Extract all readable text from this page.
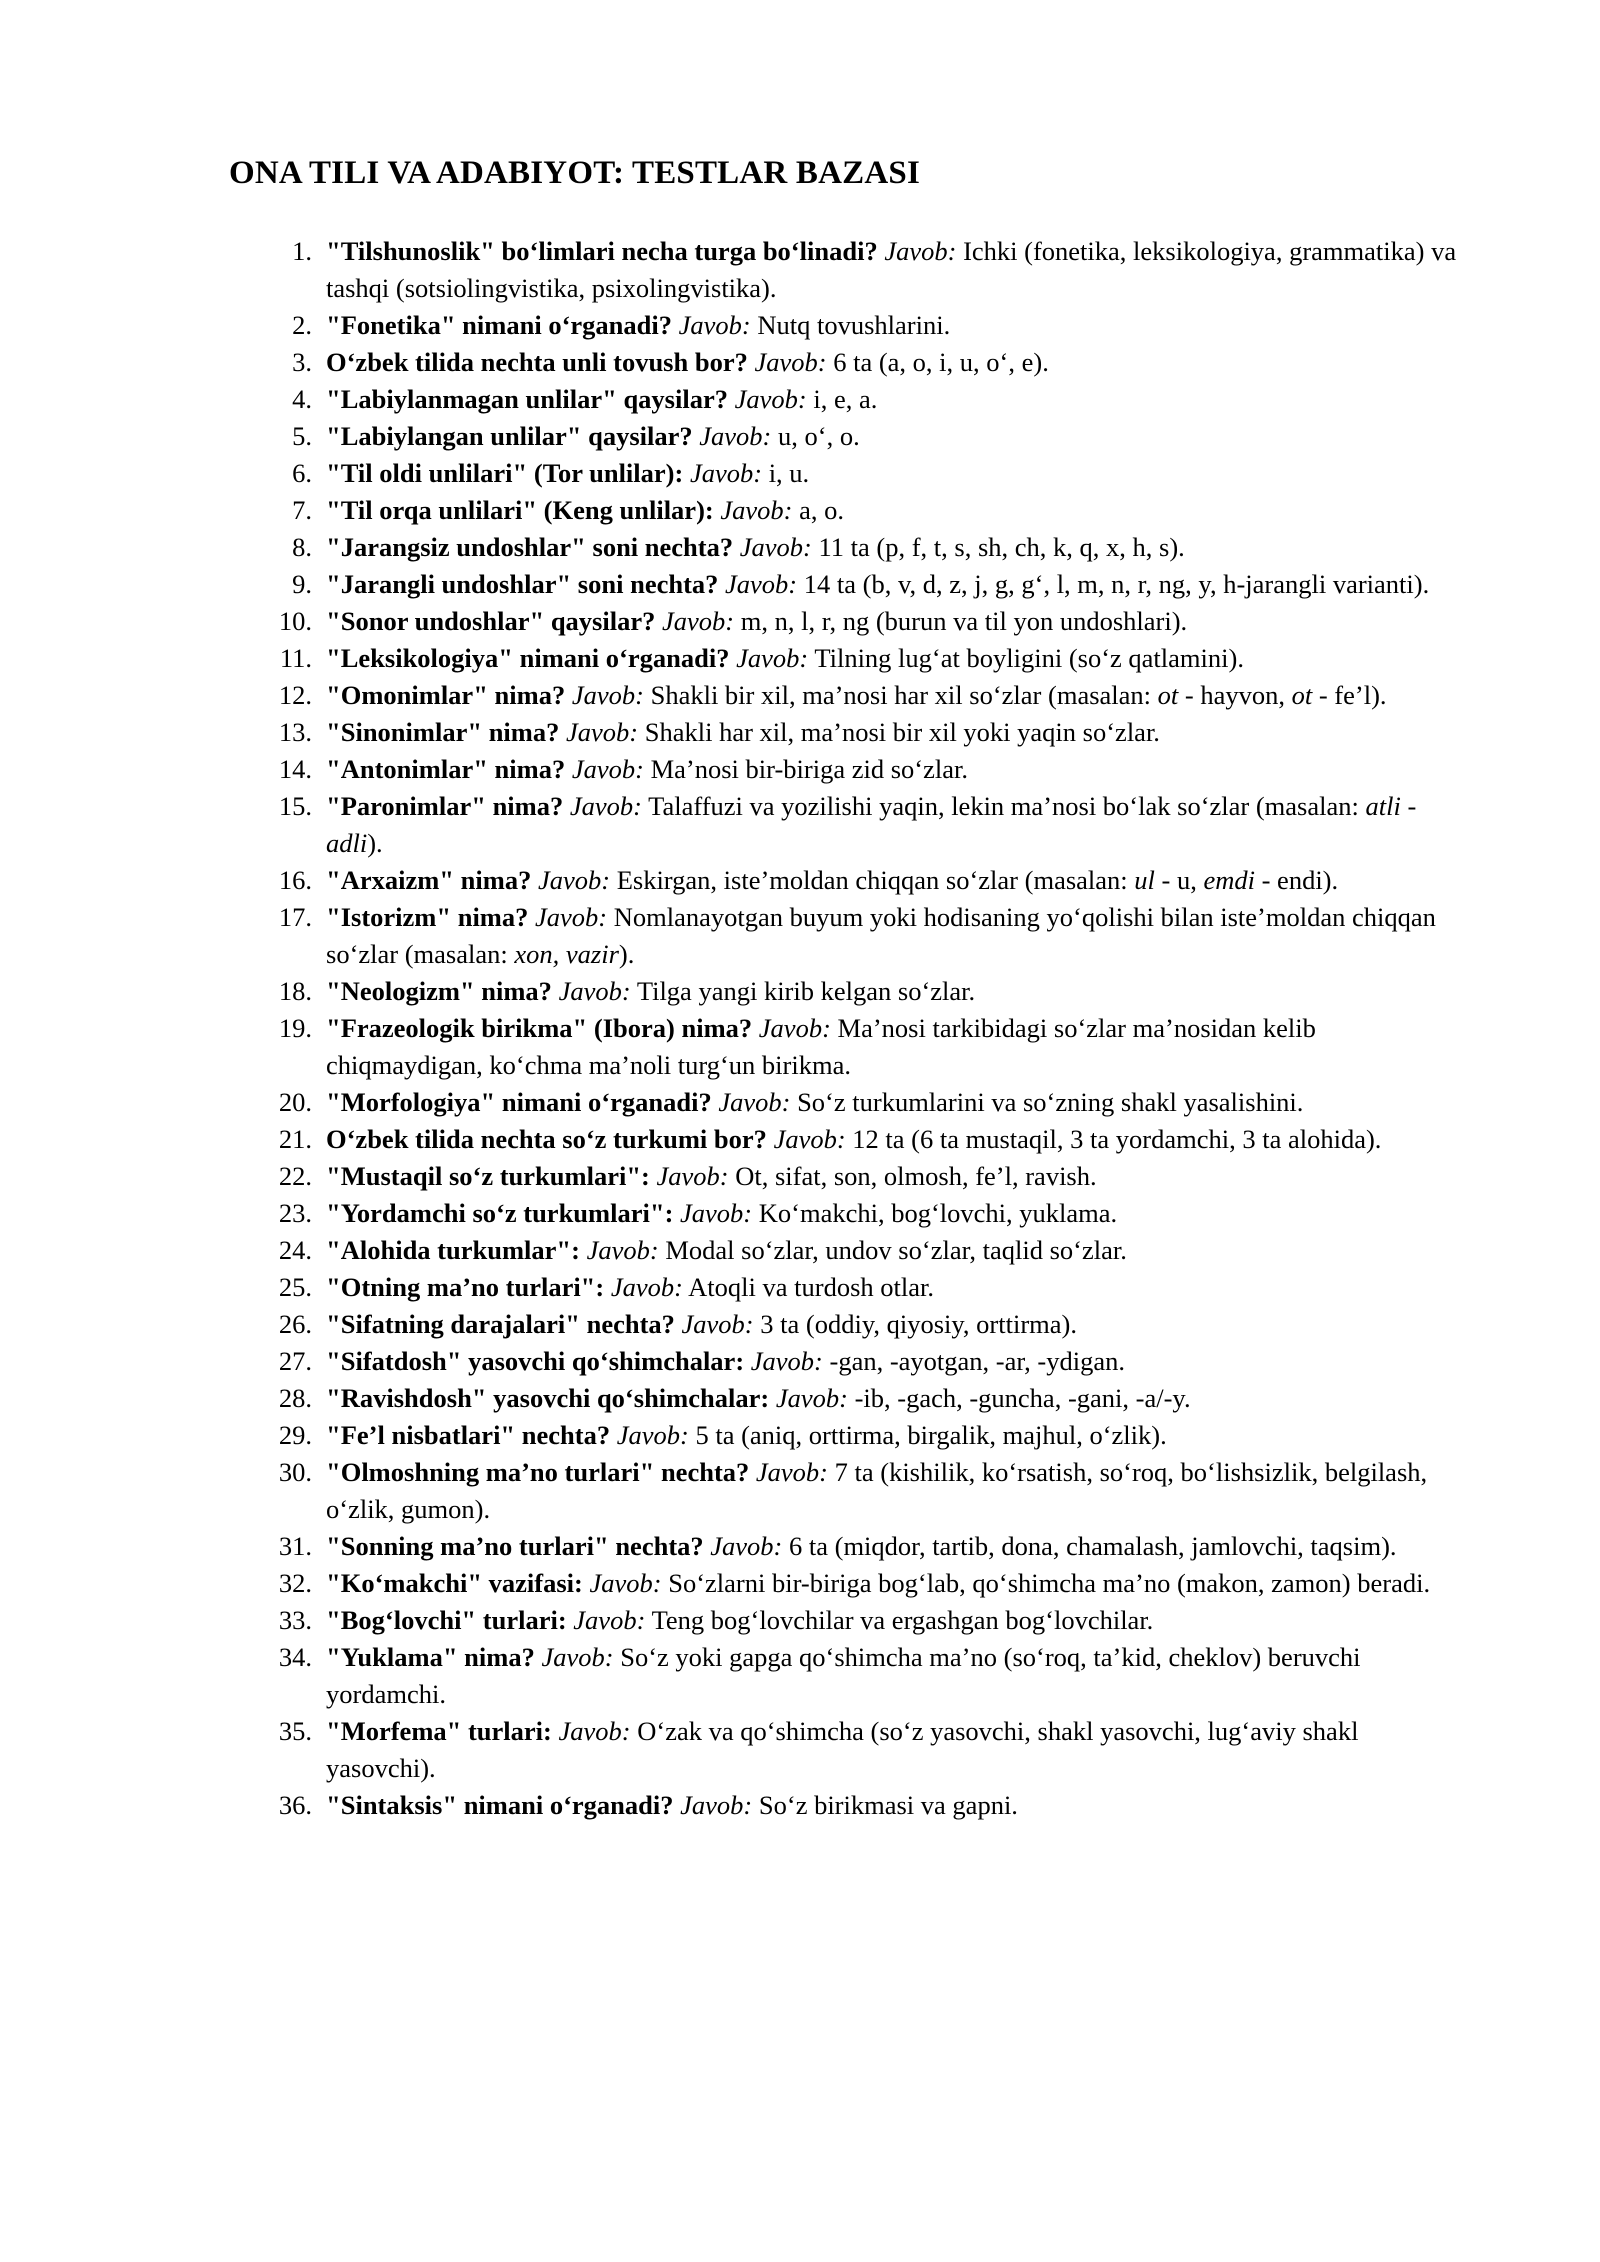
ONA TILI VA ADABIYOT: TESTLAR BAZASI
1. "Tilshunoslik" bo‘limlari necha turga bo‘linadi? Javob: Ichki (fonetika, leksikologiya, grammatika) va tashqi (sotsiolingvistika, psixolingvistika).
2. "Fonetika" nimani o‘rganadi? Javob: Nutq tovushlarini.
3. O‘zbek tilida nechta unli tovush bor? Javob: 6 ta (a, o, i, u, o‘, e).
4. "Labiylanmagan unlilar" qaysilar? Javob: i, e, a.
5. "Labiylangan unlilar" qaysilar? Javob: u, o‘, o.
6. "Til oldi unlilari" (Tor unlilar): Javob: i, u.
7. "Til orqa unlilari" (Keng unlilar): Javob: a, o.
8. "Jarangsiz undoshlar" soni nechta? Javob: 11 ta (p, f, t, s, sh, ch, k, q, x, h, s).
9. "Jarangli undoshlar" soni nechta? Javob: 14 ta (b, v, d, z, j, g, g‘, l, m, n, r, ng, y, h-jarangli varianti).
10. "Sonor undoshlar" qaysilar? Javob: m, n, l, r, ng (burun va til yon undoshlari).
11. "Leksikologiya" nimani o‘rganadi? Javob: Tilning lug‘at boyligini (so‘z qatlamini).
12. "Omonimlar" nima? Javob: Shakli bir xil, ma’nosi har xil so‘zlar (masalan: ot - hayvon, ot - fe’l).
13. "Sinonimlar" nima? Javob: Shakli har xil, ma’nosi bir xil yoki yaqin so‘zlar.
14. "Antonimlar" nima? Javob: Ma’nosi bir-biriga zid so‘zlar.
15. "Paronimlar" nima? Javob: Talaffuzi va yozilishi yaqin, lekin ma’nosi bo‘lak so‘zlar (masalan: atli - adli).
16. "Arxaizm" nima? Javob: Eskirgan, iste’moldan chiqqan so‘zlar (masalan: ul - u, emdi - endi).
17. "Istorizm" nima? Javob: Nomlanayotgan buyum yoki hodisaning yo‘qolishi bilan iste’moldan chiqqan so‘zlar (masalan: xon, vazir).
18. "Neologizm" nima? Javob: Tilga yangi kirib kelgan so‘zlar.
19. "Frazeologik birikma" (Ibora) nima? Javob: Ma’nosi tarkibidagi so‘zlar ma’nosidan kelib chiqmaydigan, ko‘chma ma’noli turg‘un birikma.
20. "Morfologiya" nimani o‘rganadi? Javob: So‘z turkumlarini va so‘zning shakl yasalishini.
21. O‘zbek tilida nechta so‘z turkumi bor? Javob: 12 ta (6 ta mustaqil, 3 ta yordamchi, 3 ta alohida).
22. "Mustaqil so‘z turkumlari": Javob: Ot, sifat, son, olmosh, fe’l, ravish.
23. "Yordamchi so‘z turkumlari": Javob: Ko‘makchi, bog‘lovchi, yuklama.
24. "Alohida turkumlar": Javob: Modal so‘zlar, undov so‘zlar, taqlid so‘zlar.
25. "Otning ma’no turlari": Javob: Atoqli va turdosh otlar.
26. "Sifatning darajalari" nechta? Javob: 3 ta (oddiy, qiyosiy, orttirma).
27. "Sifatdosh" yasovchi qo‘shimchalar: Javob: -gan, -ayotgan, -ar, -ydigan.
28. "Ravishdosh" yasovchi qo‘shimchalar: Javob: -ib, -gach, -guncha, -gani, -a/-y.
29. "Fe’l nisbatlari" nechta? Javob: 5 ta (aniq, orttirma, birgalik, majhul, o‘zlik).
30. "Olmoshning ma’no turlari" nechta? Javob: 7 ta (kishilik, ko‘rsatish, so‘roq, bo‘lishsizlik, belgilash, o‘zlik, gumon).
31. "Sonning ma’no turlari" nechta? Javob: 6 ta (miqdor, tartib, dona, chamalash, jamlovchi, taqsim).
32. "Ko‘makchi" vazifasi: Javob: So‘zlarni bir-biriga bog‘lab, qo‘shimcha ma’no (makon, zamon) beradi.
33. "Bog‘lovchi" turlari: Javob: Teng bog‘lovchilar va ergashgan bog‘lovchilar.
34. "Yuklama" nima? Javob: So‘z yoki gapga qo‘shimcha ma’no (so‘roq, ta’kid, cheklov) beruvchi yordamchi.
35. "Morfema" turlari: Javob: O‘zak va qo‘shimcha (so‘z yasovchi, shakl yasovchi, lug‘aviy shakl yasovchi).
36. "Sintaksis" nimani o‘rganadi? Javob: So‘z birikmasi va gapni.
